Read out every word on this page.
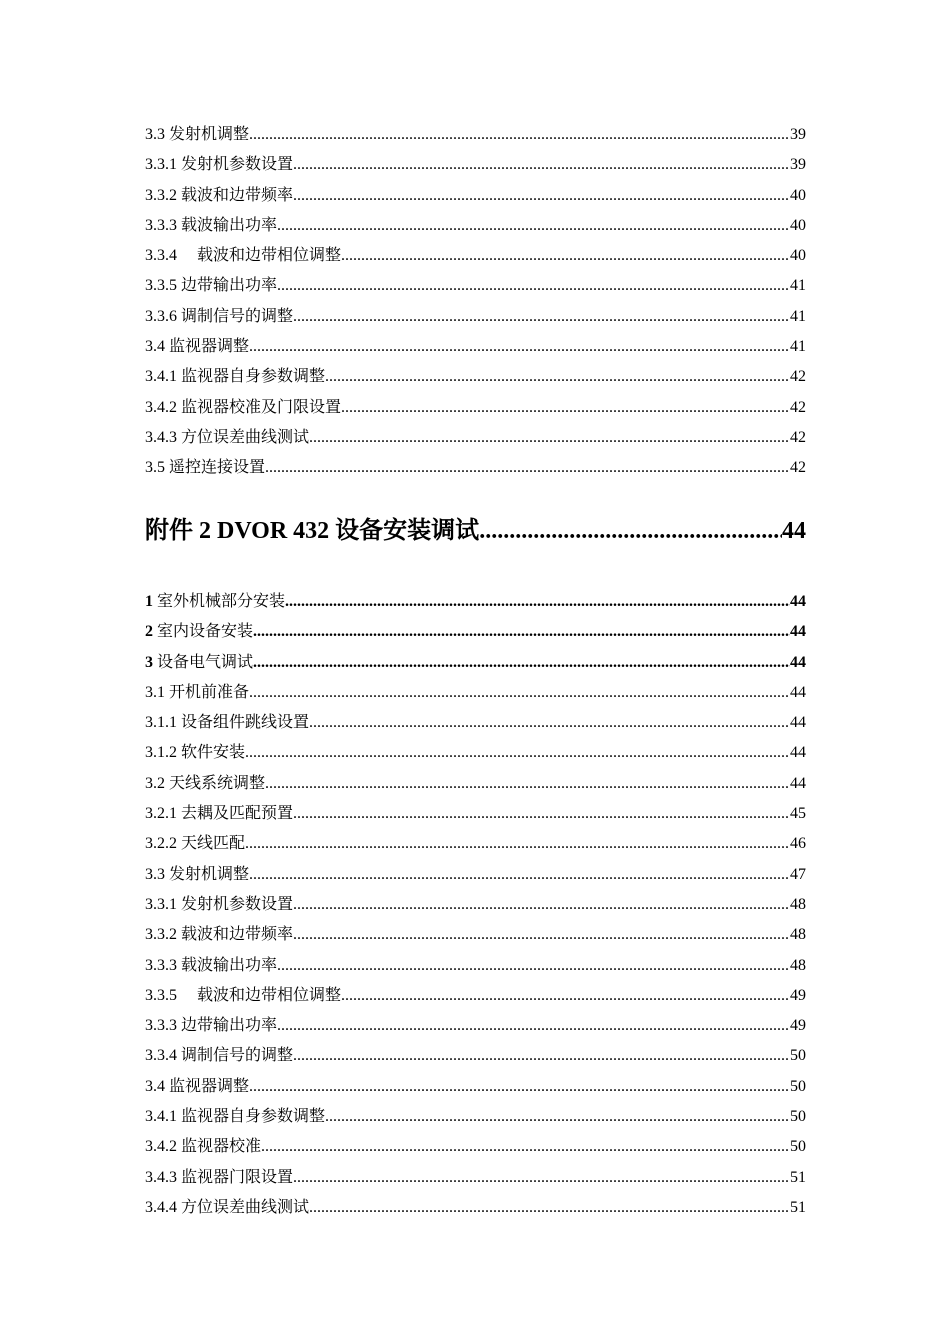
3.3 发射机调整 .....	39
3.3.1 发射机参数设置 .....	39
3.3.2 载波和边带频率 .....	40
3.3.3 载波输出功率 .....	40
3.3.4　 载波和边带相位调整 .....	40
3.3.5 边带输出功率 .....	41
3.3.6 调制信号的调整 .....	41
3.4 监视器调整 .....	41
3.4.1 监视器自身参数调整 .....	42
3.4.2 监视器校准及门限设置 .....	42
3.4.3 方位误差曲线测试 .....	42
3.5 遥控连接设置 .....	42
附件 2 DVOR 432 设备安装调试 .....	44
1 室外机械部分安装 .....	44
2 室内设备安装 .....	44
3 设备电气调试 .....	44
3.1 开机前准备 .....	44
3.1.1 设备组件跳线设置 .....	44
3.1.2 软件安装 .....	44
3.2 天线系统调整 .....	44
3.2.1 去耦及匹配预置 .....	45
3.2.2 天线匹配 .....	46
3.3 发射机调整 .....	47
3.3.1 发射机参数设置 .....	48
3.3.2 载波和边带频率 .....	48
3.3.3 载波输出功率 .....	48
3.3.5　 载波和边带相位调整 .....	49
3.3.3 边带输出功率 .....	49
3.3.4 调制信号的调整 .....	50
3.4 监视器调整 .....	50
3.4.1 监视器自身参数调整 .....	50
3.4.2 监视器校准 .....	50
3.4.3 监视器门限设置 .....	51
3.4.4 方位误差曲线测试 .....	51
